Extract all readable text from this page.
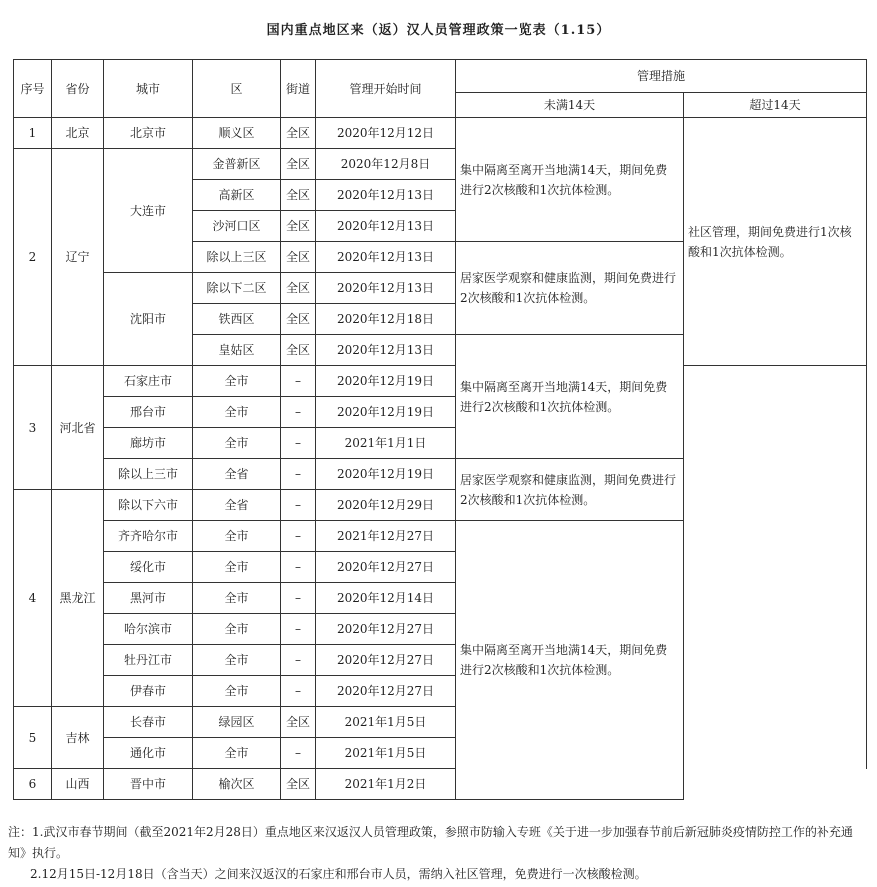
国内重点地区来（返）汉人员管理政策一览表（1.15）
序号	省份	城市	区	街道	管理开始时间	管理措施		
						未满14天	超过14天	
1	北京	北京市	顺义区	全区	2020年12月12日	集中隔离至离开当地满14天，期间免费进行2次核酸和1次抗体检测。	社区管理，期间免费进行1次核酸和1次抗体检测。	
2	辽宁	大连市	金普新区	全区	2020年12月8日			
			高新区	全区	2020年12月13日			
			沙河口区	全区	2020年12月13日			
			除以上三区	全区	2020年12月13日	居家医学观察和健康监测，期间免费进行2次核酸和1次抗体检测。		
		沈阳市	除以下二区	全区	2020年12月13日			
			铁西区	全区	2020年12月18日			
			皇姑区	全区	2020年12月13日	集中隔离至离开当地满14天，期间免费进行2次核酸和1次抗体检测。	
3	河北省	石家庄市	全市	–	2020年12月19日			
		邢台市	全市	–	2020年12月19日			
		廊坊市	全市	–	2021年1月1日			
		除以上三市	全省	–	2020年12月19日	居家医学观察和健康监测，期间免费进行2次核酸和1次抗体检测。		
4	黑龙江	除以下六市	全省	–	2020年12月29日			
		齐齐哈尔市	全市	–	2021年12月27日	集中隔离至离开当地满14天，期间免费进行2次核酸和1次抗体检测。		
		绥化市	全市	–	2020年12月27日			
		黑河市	全市	–	2020年12月14日			
		哈尔滨市	全市	–	2020年12月27日			
		牡丹江市	全市	–	2020年12月27日			
		伊春市	全市	–	2020年12月27日			
5	吉林	长春市	绿园区	全区	2021年1月5日			
		通化市	全市	–	2021年1月5日			
6	山西	晋中市	榆次区	全区	2021年1月2日			
注：1.武汉市春节期间（截至2021年2月28日）重点地区来汉返汉人员管理政策，参照市防输入专班《关于进一步加强春节前后新冠肺炎疫情防控工作的补充通知》执行。
2.12月15日-12月18日（含当天）之间来汉返汉的石家庄和邢台市人员，需纳入社区管理，免费进行一次核酸检测。
